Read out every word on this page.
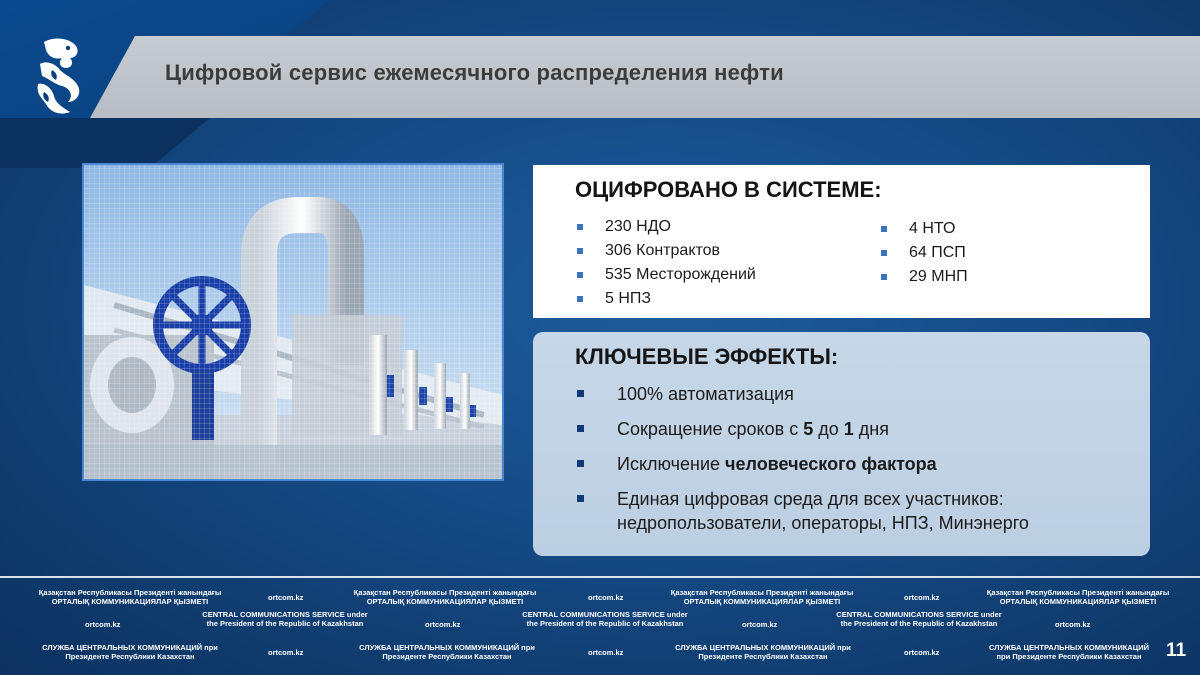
Цифровой сервис ежемесячного распределения нефти
ОЦИФРОВАНО В СИСТЕМЕ:
230 НДО
306 Контрактов
535 Месторождений
5 НПЗ
4 НТО
64 ПСП
29 МНП
КЛЮЧЕВЫЕ ЭФФЕКТЫ:
100% автоматизация
Сокращение сроков с 5 до 1 дня
Исключение человеческого фактора
Единая цифровая среда для всех участников: недропользователи, операторы, НПЗ, Минэнерго
Қазақстан Республикасы Президенті жанындағы ОРТАЛЫҚ КОММУНИКАЦИЯЛАР ҚЫЗМЕТІ	ortcom.kz
Қазақстан Республикасы Президенті жанындағы ОРТАЛЫҚ КОММУНИКАЦИЯЛАР ҚЫЗМЕТІ	ortcom.kz
Қазақстан Республикасы Президенті жанындағы ОРТАЛЫҚ КОММУНИКАЦИЯЛАР ҚЫЗМЕТІ	ortcom.kz
Қазақстан Республикасы Президенті жанындағы ОРТАЛЫҚ КОММУНИКАЦИЯЛАР ҚЫЗМЕТІ
ortcom.kz
CENTRAL COMMUNICATIONS SERVICE under the President of the Republic of Kazakhstan	ortcom.kz
CENTRAL COMMUNICATIONS SERVICE under the President of the Republic of Kazakhstan	ortcom.kz
CENTRAL COMMUNICATIONS SERVICE under the President of the Republic of Kazakhstan	ortcom.kz
СЛУЖБА ЦЕНТРАЛЬНЫХ КОММУНИКАЦИЙ при Президенте Республики Казахстан	ortcom.kz
СЛУЖБА ЦЕНТРАЛЬНЫХ КОММУНИКАЦИЙ при Президенте Республики Казахстан	ortcom.kz
СЛУЖБА ЦЕНТРАЛЬНЫХ КОММУНИКАЦИЙ при Президенте Республики Казахстан	ortcom.kz
СЛУЖБА ЦЕНТРАЛЬНЫХ КОММУНИКАЦИЙ при Президенте Республики Казахстан	11
